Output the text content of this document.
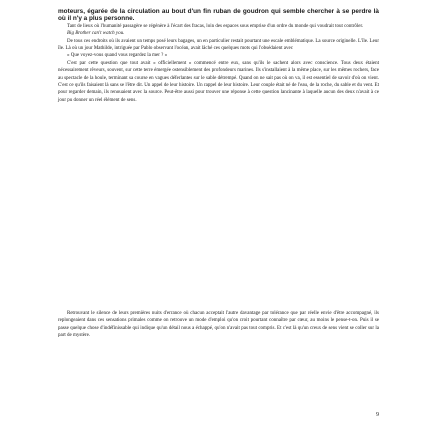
moteurs, égarée de la circulation au bout d'un fin ruban de goudron qui semble chercher à se perdre là où il n'y a plus personne.

Tant de lieux où l'humanité passagère se régénère à l'écart des fracas, loin des espaces sous emprise d'un ordre du monde qui voudrait tout contrôler.

Big Brother can't watch you.

De tous ces endroits où ils avaient un temps posé leurs bagages, un en particulier restait pourtant une escale emblématique. La source originelle. L'île. Leur île. Là où un jour Mathilde, intriguée par Pablo observant l'océan, avait lâché ces quelques mots qui l'obsédaient avec

« Que voyez-vous quand vous regardez la mer ? »

C'est par cette question que tout avait « officiellement » commencé entre eux, sans qu'ils le sachent alors avec conscience. Tous deux étaient nécessairement rêveurs, souvent, sur cette terre émergée ostensiblement des profondeurs marines. Ils s'installaient à la même place, sur les mêmes rochers, face au spectacle de la houle, terminant sa course en vagues déferlantes sur le sable détrempé. Quand on ne sait pas où on va, il est essentiel de savoir d'où on vient. C'est ce qu'ils faisaient là sans se l'être dit. Un appel de leur histoire. Un rappel de leur histoire. Leur couple était né de l'eau, de la roche, du sable et du vent. Et pour regarder demain, ils renouaient avec la source. Peut-être aussi pour trouver une réponse à cette question lancinante à laquelle aucun des deux n'avait à ce jour pu donner un réel élément de sens.

Retrouvant le silence de leurs premières nuits d'errance où chacun acceptait l'autre davantage par tolérance que par réelle envie d'être accompagné, ils replongeaient dans ces sensations primales comme on retrouve un mode d'emploi qu'on croit pourtant connaître par cœur, au moins le pense-t-on. Puis il se passe quelque chose d'indéfinissable qui indique qu'un détail nous a échappé, qu'on n'avait pas tout compris. Et c'est là qu'un creux de sens vient se coller sur la part de mystère.

9
